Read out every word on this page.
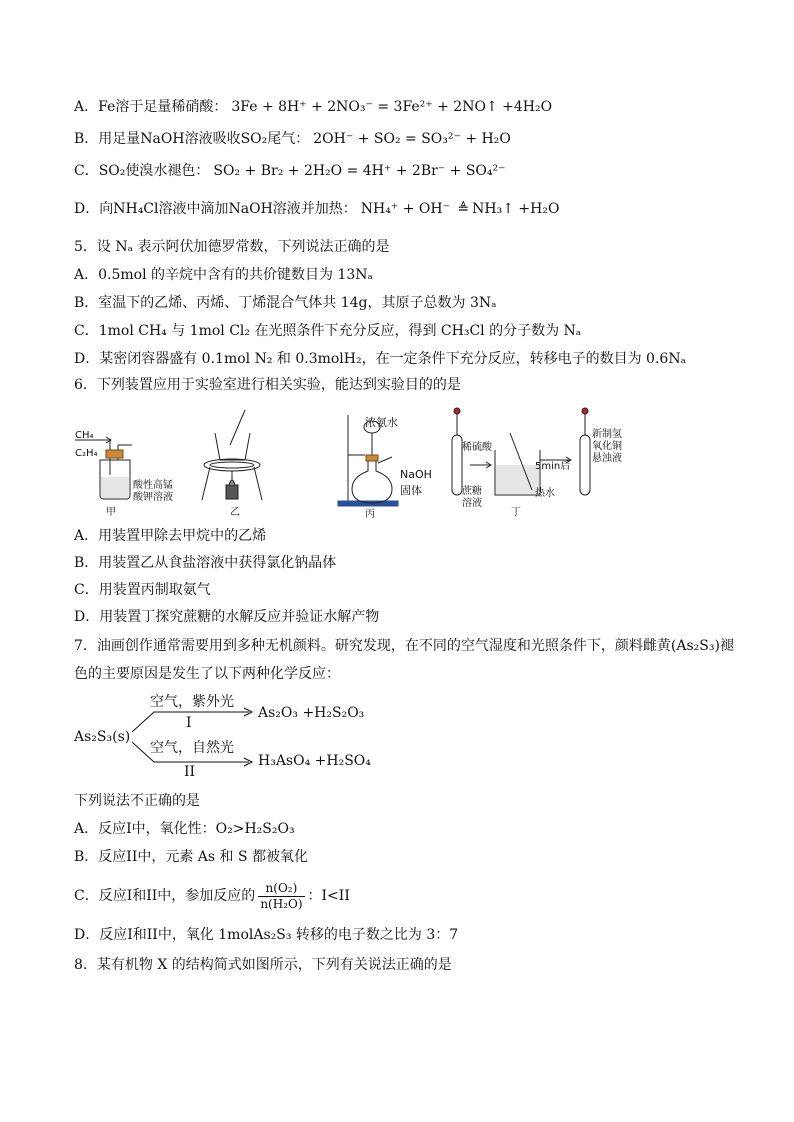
A．Fe溶于足量稀硝酸： 3Fe + 8H⁺ + 2NO₃⁻ = 3Fe²⁺ + 2NO↑ +4H₂O
B．用足量NaOH溶液吸收SO₂尾气： 2OH⁻ + SO₂ = SO₃²⁻ + H₂O
C．SO₂使溴水褪色： SO₂ + Br₂ + 2H₂O = 4H⁺ + 2Br⁻ + SO₄²⁻
D．向NH₄Cl溶液中滴加NaOH溶液并加热： NH₄⁺ + OH⁻ ≜ NH₃↑ +H₂O
5．设 Nₐ 表示阿伏加德罗常数，下列说法正确的是
A．0.5mol 的辛烷中含有的共价键数目为 13Nₐ
B．室温下的乙烯、丙烯、丁烯混合气体共 14g，其原子总数为 3Nₐ
C．1mol CH₄ 与 1mol Cl₂ 在光照条件下充分反应，得到 CH₃Cl 的分子数为 Nₐ
D．某密闭容器盛有 0.1mol N₂ 和 0.3molH₂，在一定条件下充分反应，转移电子的数目为 0.6Nₐ
6．下列装置应用于实验室进行相关实验，能达到实验目的的是
CH₄
C₂H₄
酸性高锰
酸钾溶液
甲	乙
浓氨水
NaOH
固体
丙
稀硫酸
蔗糖
溶液
5min后
热水
新制氢
氧化铜
悬浊液
丁
A．用装置甲除去甲烷中的乙烯
B．用装置乙从食盐溶液中获得氯化钠晶体
C．用装置丙制取氨气
D．用装置丁探究蔗糖的水解反应并验证水解产物
7．油画创作通常需要用到多种无机颜料。研究发现，在不同的空气湿度和光照条件下，颜料雌黄(As₂S₃)褪
色的主要原因是发生了以下两种化学反应：
As₂S₃(s)
空气，紫外光
I
As₂O₃ +H₂S₂O₃
空气，自然光
II
H₃AsO₄ +H₂SO₄
下列说法不正确的是
A．反应I中，氧化性：O₂>H₂S₂O₃
B．反应II中，元素 As 和 S 都被氧化
C．反应I和II中，参加反应的 $\frac{\text{n(O₂)}}{\text{n(H₂O)}}$ ：I<II
D．反应I和II中，氧化 1molAs₂S₃ 转移的电子数之比为 3：7
8．某有机物 X 的结构简式如图所示，下列有关说法正确的是
